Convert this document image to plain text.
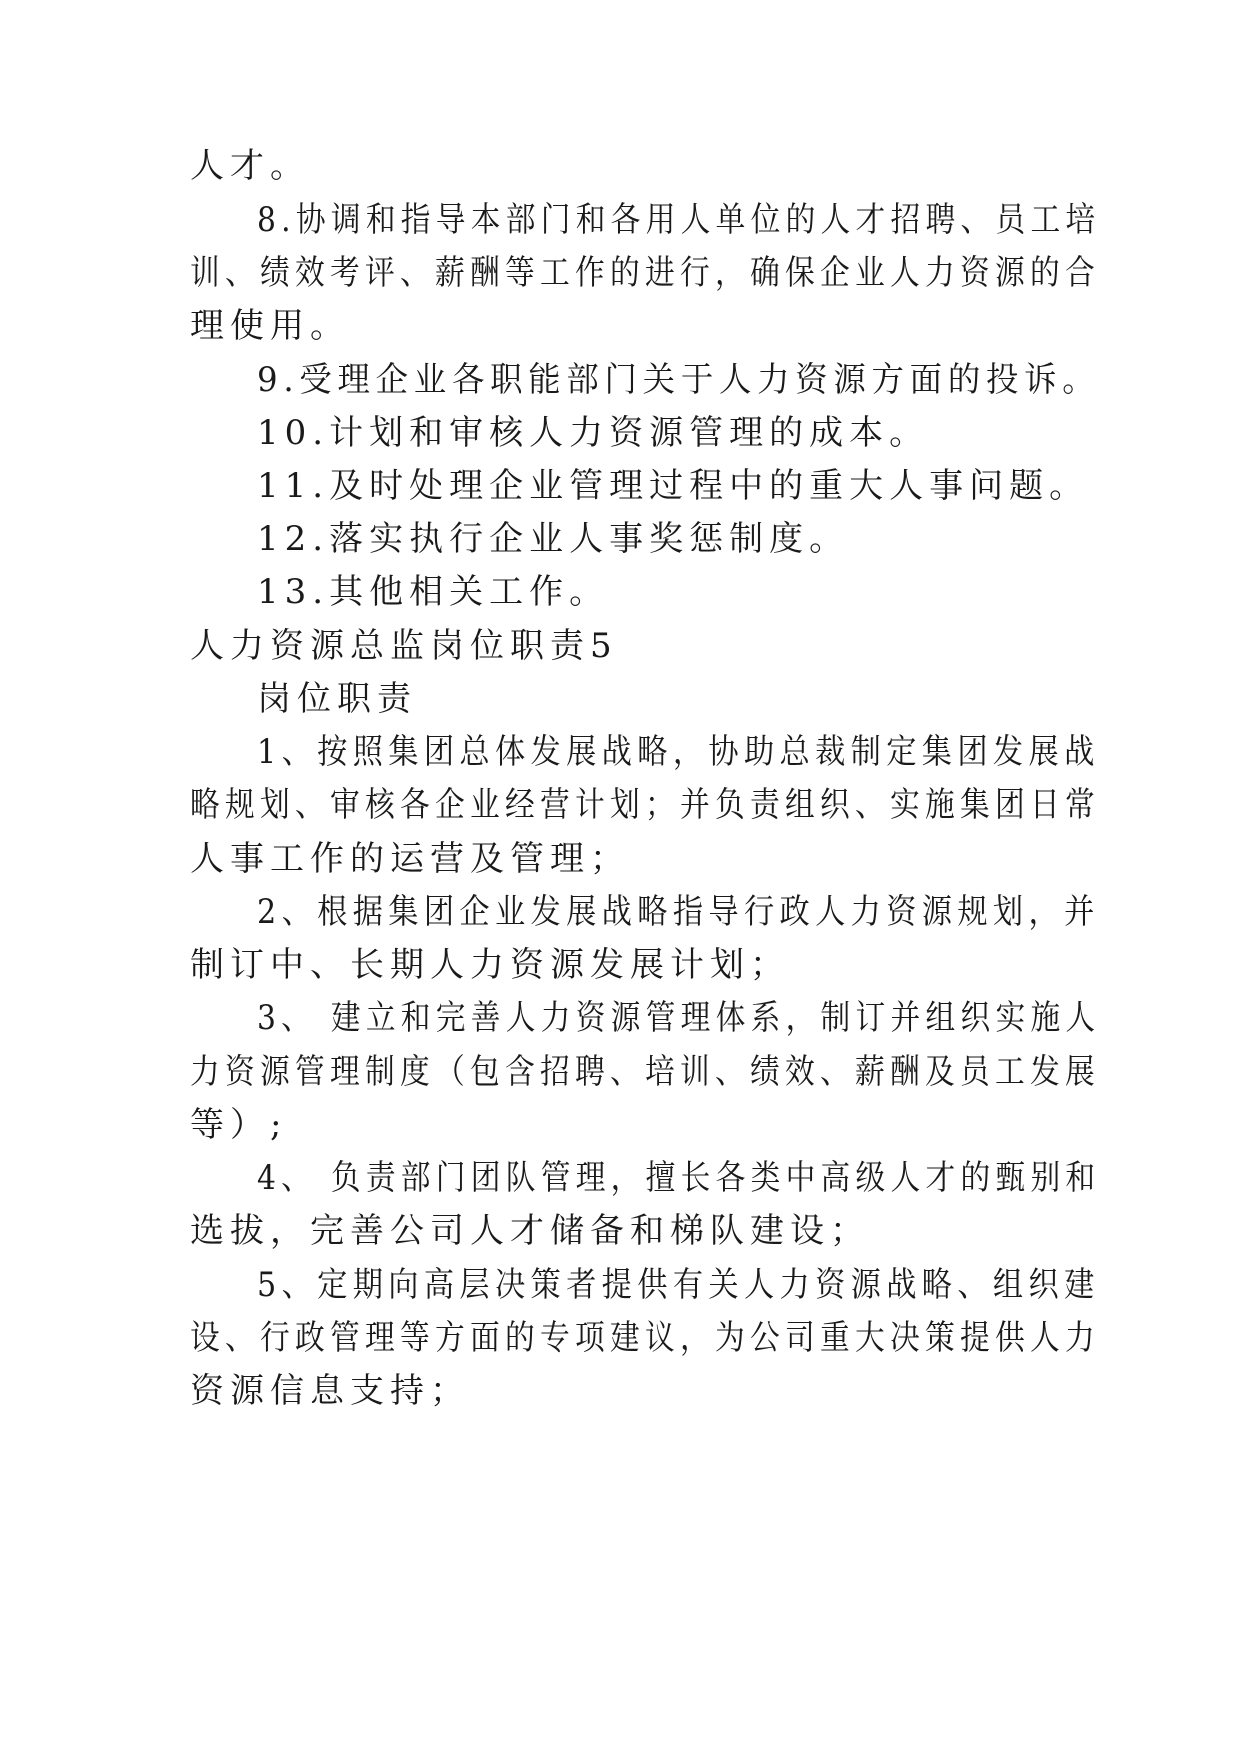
人才。
8.协调和指导本部门和各用人单位的人才招聘、员工培
训、绩效考评、薪酬等工作的进行，确保企业人力资源的合
理使用。
9.受理企业各职能部门关于人力资源方面的投诉。
10.计划和审核人力资源管理的成本。
11.及时处理企业管理过程中的重大人事问题。
12.落实执行企业人事奖惩制度。
13.其他相关工作。
人力资源总监岗位职责5
岗位职责
1、按照集团总体发展战略，协助总裁制定集团发展战
略规划、审核各企业经营计划；并负责组织、实施集团日常
人事工作的运营及管理；
2、根据集团企业发展战略指导行政人力资源规划，并
制订中、长期人力资源发展计划；
3、 建立和完善人力资源管理体系，制订并组织实施人
力资源管理制度（包含招聘、培训、绩效、薪酬及员工发展
等）;
4、 负责部门团队管理，擅长各类中高级人才的甄别和
选拔，完善公司人才储备和梯队建设；
5、定期向高层决策者提供有关人力资源战略、组织建
设、行政管理等方面的专项建议，为公司重大决策提供人力
资源信息支持；
